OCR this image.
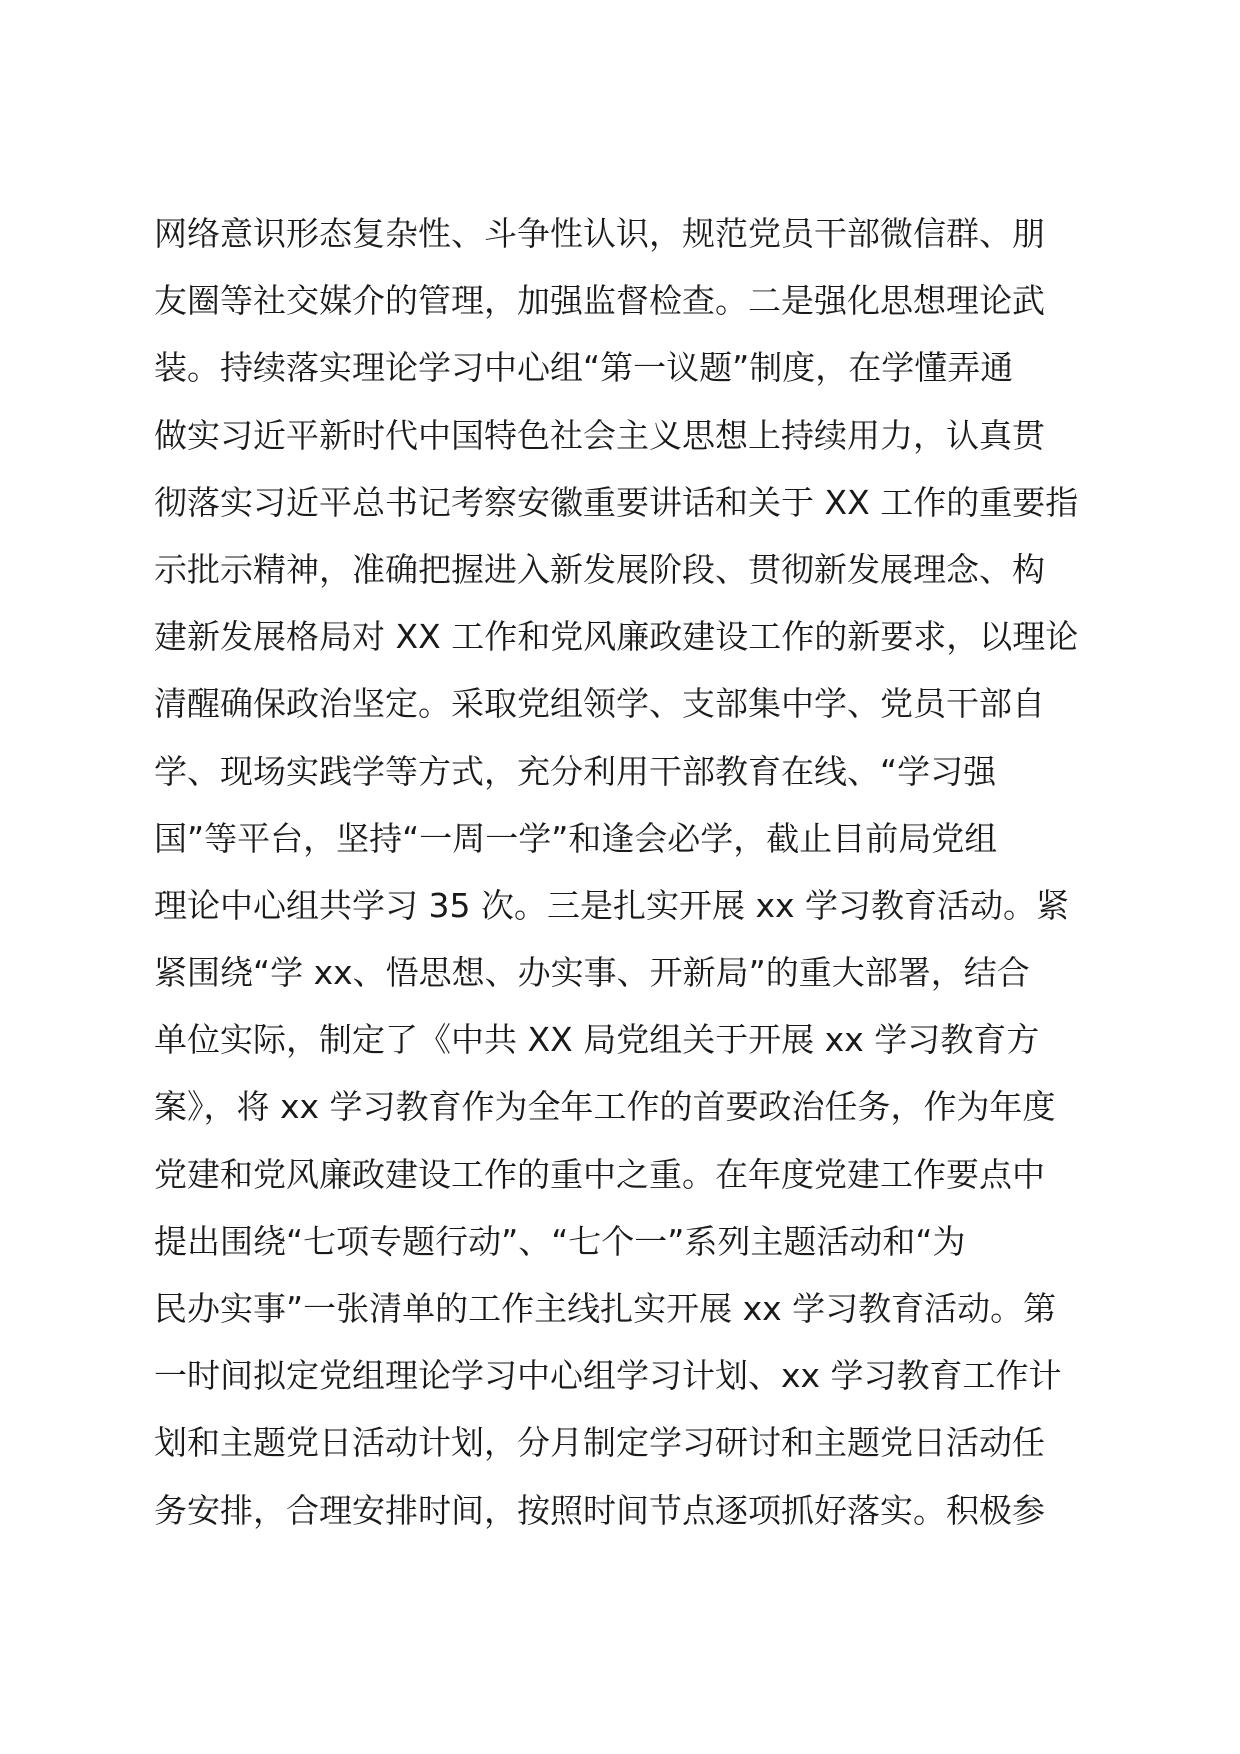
网络意识形态复杂性、斗争性认识，规范党员干部微信群、朋
友圈等社交媒介的管理，加强监督检查。二是强化思想理论武
装。持续落实理论学习中心组“第一议题”制度，在学懂弄通
做实习近平新时代中国特色社会主义思想上持续用力，认真贯
彻落实习近平总书记考察安徽重要讲话和关于 XX 工作的重要指
示批示精神，准确把握进入新发展阶段、贯彻新发展理念、构
建新发展格局对 XX 工作和党风廉政建设工作的新要求，以理论
清醒确保政治坚定。采取党组领学、支部集中学、党员干部自
学、现场实践学等方式，充分利用干部教育在线、“学习强
国”等平台，坚持“一周一学”和逢会必学，截止目前局党组
理论中心组共学习 35 次。三是扎实开展 xx 学习教育活动。紧
紧围绕“学 xx、悟思想、办实事、开新局”的重大部署，结合
单位实际，制定了《中共 XX 局党组关于开展 xx 学习教育方
案》，将 xx 学习教育作为全年工作的首要政治任务，作为年度
党建和党风廉政建设工作的重中之重。在年度党建工作要点中
提出围绕“七项专题行动”、“七个一”系列主题活动和“为
民办实事”一张清单的工作主线扎实开展 xx 学习教育活动。第
一时间拟定党组理论学习中心组学习计划、xx 学习教育工作计
划和主题党日活动计划，分月制定学习研讨和主题党日活动任
务安排，合理安排时间，按照时间节点逐项抓好落实。积极参
